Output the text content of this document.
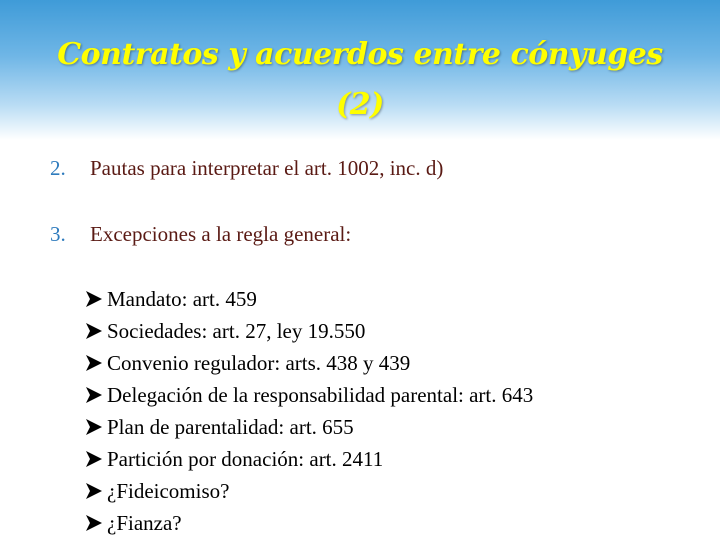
Contratos y acuerdos entre cónyuges
(2)
2. Pautas para interpretar el art. 1002, inc. d)
3. Excepciones a la regla general:
Mandato: art. 459
Sociedades: art. 27, ley 19.550
Convenio regulador: arts. 438 y 439
Delegación de la responsabilidad parental: art. 643
Plan de parentalidad: art. 655
Partición por donación: art. 2411
¿Fideicomiso?
¿Fianza?
